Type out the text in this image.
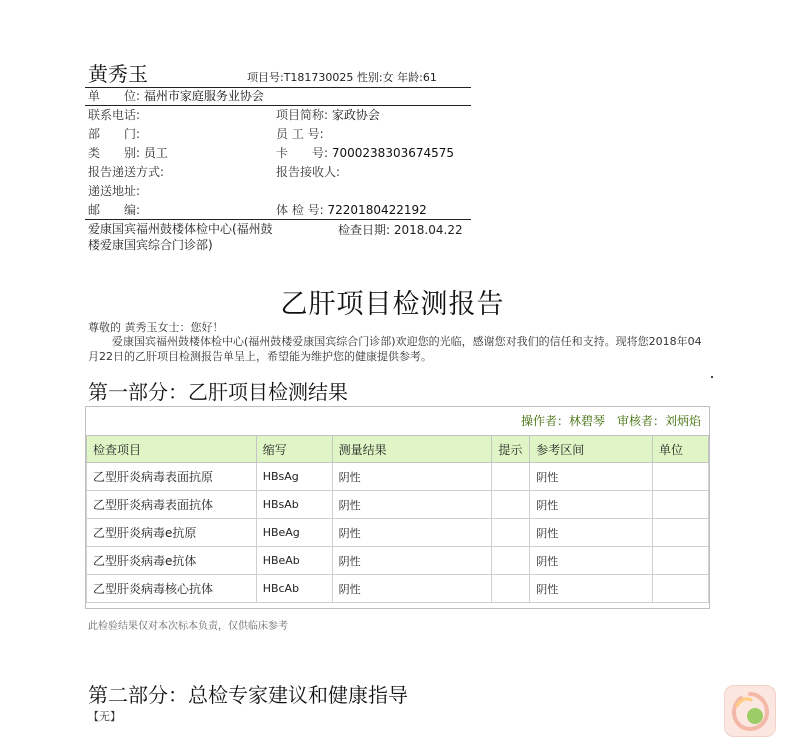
黄秀玉	项目号:T181730025 性别:女 年龄:61
单　　位: 福州市家庭服务业协会
联系电话:	项目简称: 家政协会
部　　门:	员 工 号:
类　　别: 员工	卡　　号: 7000238303674575
报告递送方式:	报告接收人:
递送地址:
邮　　编:	体 检 号: 7220180422192
爱康国宾福州鼓楼体检中心(福州鼓楼爱康国宾综合门诊部)
检查日期: 2018.04.22
乙肝项目检测报告
尊敬的 黄秀玉女士：您好！
爱康国宾福州鼓楼体检中心(福州鼓楼爱康国宾综合门诊部)欢迎您的光临，感谢您对我们的信任和支持。现将您2018年04月22日的乙肝项目检测报告单呈上，希望能为维护您的健康提供参考。
第一部分：乙肝项目检测结果
操作者：林碧琴　审核者：刘炳焰
检查项目	缩写	测量结果	提示	参考区间	单位
乙型肝炎病毒表面抗原	HBsAg	阴性		阴性	
乙型肝炎病毒表面抗体	HBsAb	阴性		阴性	
乙型肝炎病毒e抗原	HBeAg	阴性		阴性	
乙型肝炎病毒e抗体	HBeAb	阴性		阴性	
乙型肝炎病毒核心抗体	HBcAb	阴性		阴性	
此检验结果仅对本次标本负责，仅供临床参考
第二部分：总检专家建议和健康指导
【无】
